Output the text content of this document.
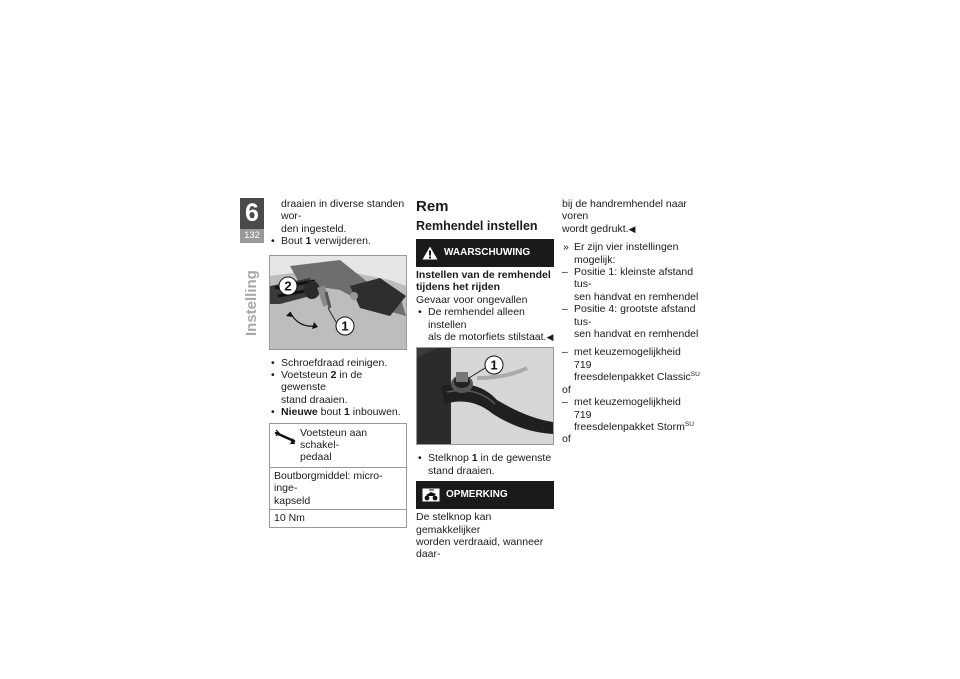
6
132
Instelling

draaien in diverse standen wor-

den ingesteld.

• Bout 1 verwijderen.

2
1

• Schroefdraad reinigen.

• Voetsteun 2 in de gewenste

stand draaien.

• Nieuwe bout 1 inbouwen.

Voetsteun aan schakel-

pedaal

Boutborgmiddel: micro-inge-

kapseld

10 Nm
Rem
Remhendel instellen
WAARSCHUWING

Instellen van de remhendel

tijdens het rijden

Gevaar voor ongevallen

• De remhendel alleen instellen

als de motorfiets stilstaat.◀

1

• Stelknop 1 in de gewenste

stand draaien.

OPMERKING

De stelknop kan gemakkelijker

worden verdraaid, wanneer daar-

bij de handremhendel naar voren

wordt gedrukt.◀

» Er zijn vier instellingen mogelijk:

– Positie 1: kleinste afstand tus-

sen handvat en remhendel

– Positie 4: grootste afstand tus-

sen handvat en remhendel

– met keuzemogelijkheid 719

freesdelenpakket Classic$^{SU}$

of

– met keuzemogelijkheid 719

freesdelenpakket Storm$^{SU}$

of
